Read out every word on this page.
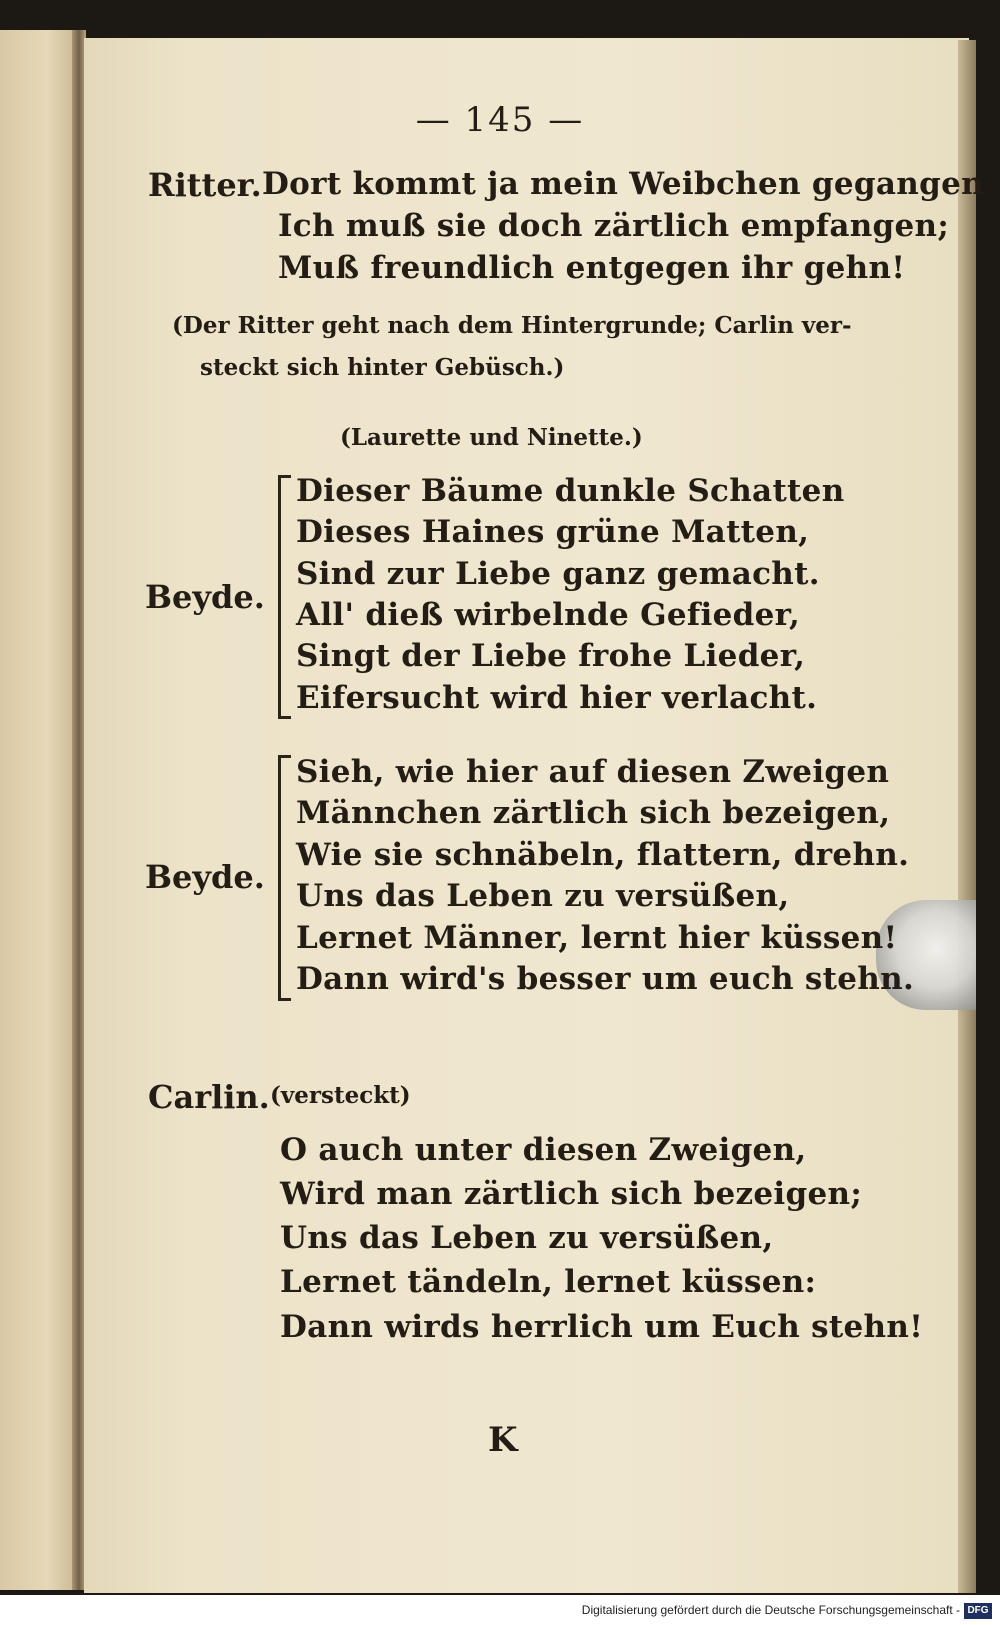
— 145 —
Ritter. Dort kommt ja mein Weibchen gegangen
Ich muß sie doch zärtlich empfangen;
Muß freundlich entgegen ihr gehn!
(Der Ritter geht nach dem Hintergrunde; Carlin ver-
steckt sich hinter Gebüsch.)
(Laurette und Ninette.)
Beyde.
Dieser Bäume dunkle Schatten
Dieses Haines grüne Matten,
Sind zur Liebe ganz gemacht.
All' dieß wirbelnde Gefieder,
Singt der Liebe frohe Lieder,
Eifersucht wird hier verlacht.
Beyde.
Sieh, wie hier auf diesen Zweigen
Männchen zärtlich sich bezeigen,
Wie sie schnäbeln, flattern, drehn.
Uns das Leben zu versüßen,
Lernet Männer, lernt hier küssen!
Dann wird's besser um euch stehn.
Carlin. (versteckt)
O auch unter diesen Zweigen,
Wird man zärtlich sich bezeigen;
Uns das Leben zu versüßen,
Lernet tändeln, lernet küssen:
Dann wirds herrlich um Euch stehn!
K
Digitalisierung gefördert durch die Deutsche Forschungsgemeinschaft - DFG
